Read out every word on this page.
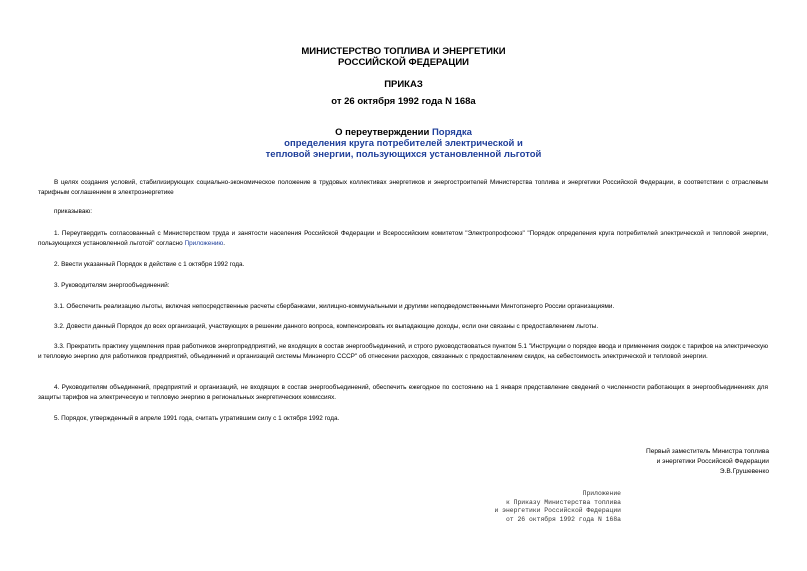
МИНИСТЕРСТВО ТОПЛИВА И ЭНЕРГЕТИКИ
РОССИЙСКОЙ ФЕДЕРАЦИИ
ПРИКАЗ
от 26 октября 1992 года N 168а
О переутверждении Порядка
определения круга потребителей электрической и
тепловой энергии, пользующихся установленной льготой
В целях создания условий, стабилизирующих социально-экономическое положение в трудовых коллективах энергетиков и энергостроителей Министерства топлива и энергетики Российской Федерации, в соответствии с отраслевым тарифным соглашением в электроэнергетике
приказываю:
1. Переутвердить согласованный с Министерством труда и занятости населения Российской Федерации и Всероссийским комитетом "Электропрофсоюз" "Порядок определения круга потребителей электрической и тепловой энергии, пользующихся установленной льготой" согласно Приложению.
2. Ввести указанный Порядок в действие с 1 октября 1992 года.
3. Руководителям энергообъединений:
3.1. Обеспечить реализацию льготы, включая непосредственные расчеты сбербанками, жилищно-коммунальными и другими неподведомственными Минтопэнерго России организациями.
3.2. Довести данный Порядок до всех организаций, участвующих в решении данного вопроса, компенсировать их выпадающие доходы, если они связаны с предоставлением льготы.
3.3. Прекратить практику ущемления прав работников энергопредприятий, не входящих в состав энергообъединений, и строго руководствоваться пунктом 5.1 "Инструкции о порядке ввода и применения скидок с тарифов на электрическую и тепловую энергию для работников предприятий, объединений и организаций системы Минэнерго СССР" об отнесении расходов, связанных с предоставлением скидок, на себестоимость электрической и тепловой энергии.
4. Руководителям объединений, предприятий и организаций, не входящих в состав энергообъединений, обеспечить ежегодное по состоянию на 1 января представление сведений о численности работающих в энергообъединениях для защиты тарифов на электрическую и тепловую энергию в региональных энергетических комиссиях.
5. Порядок, утвержденный в апреле 1991 года, считать утратившим силу с 1 октября 1992 года.
Первый заместитель Министра топлива
и энергетики Российской Федерации
Э.В.Грушевенко
Приложение
к Приказу Министерства топлива
и энергетики Российской Федерации
от 26 октября 1992 года N 168а
